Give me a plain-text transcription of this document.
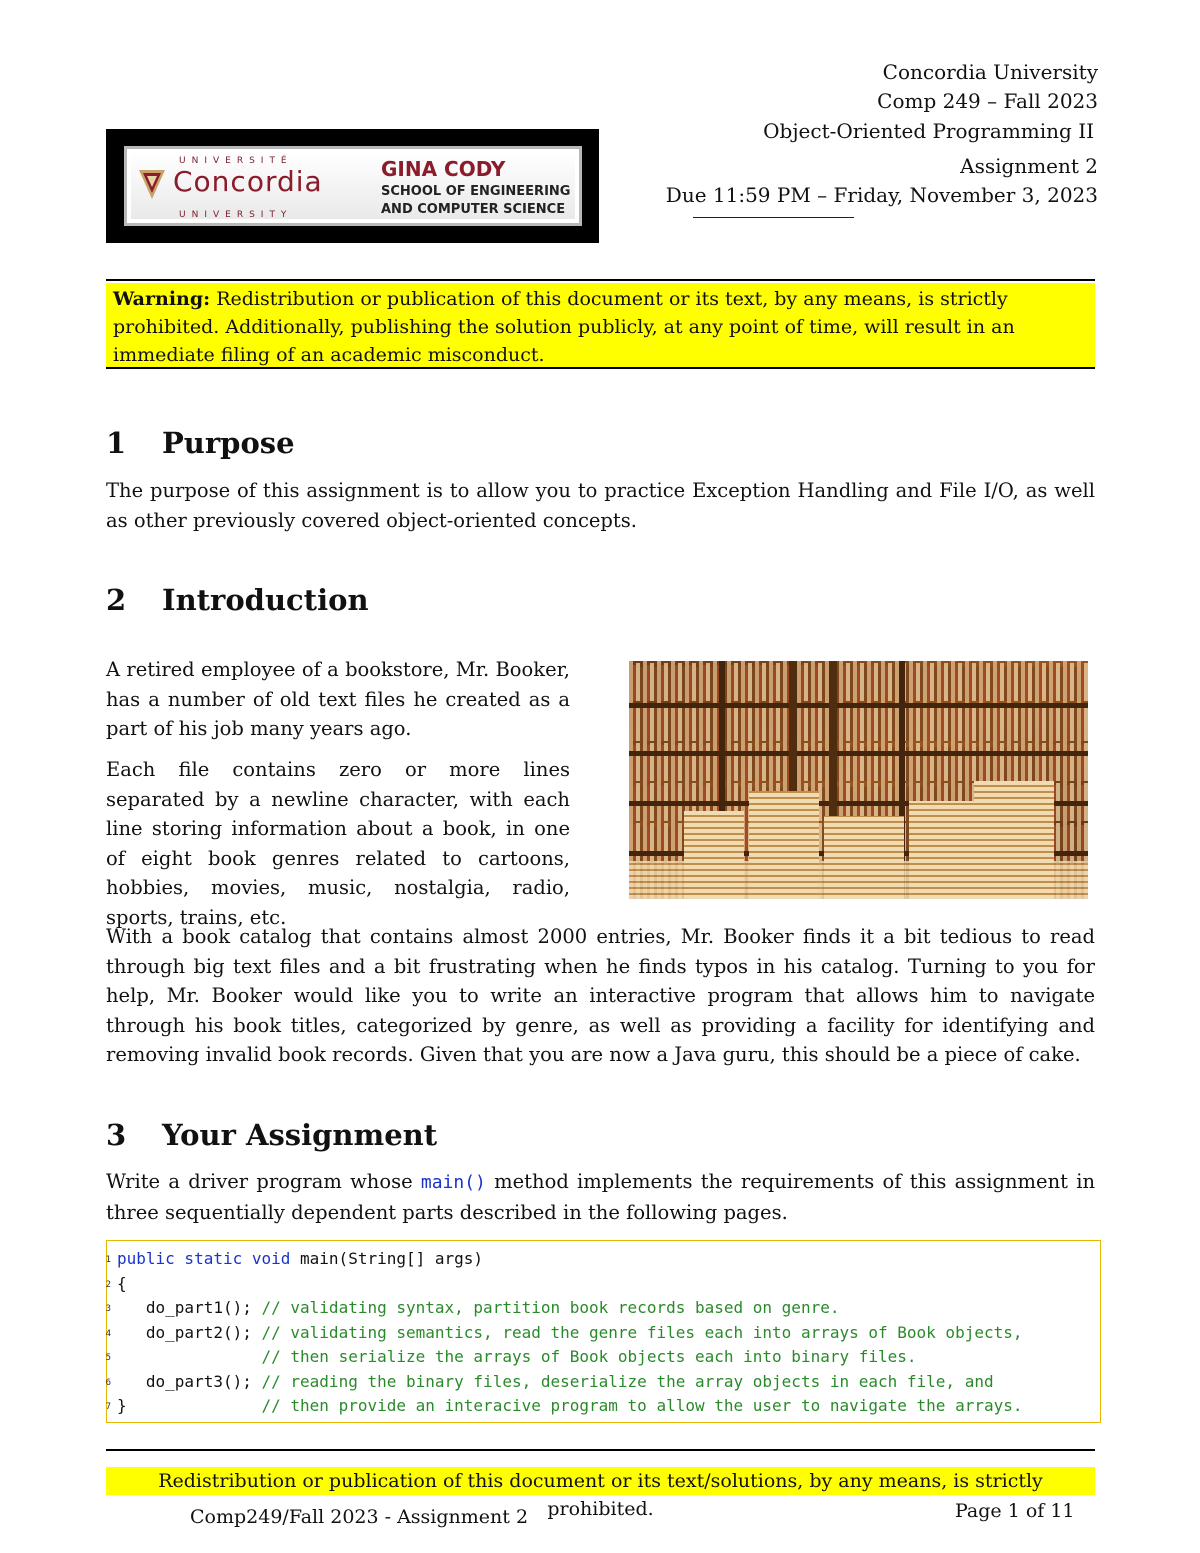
Concordia University
Comp 249 – Fall 2023
Object-Oriented Programming II
Assignment 2
Due 11:59 PM – Friday, November 3, 2023
UNIVERSITÉ
Concordia
UNIVERSITY
GINA CODY
SCHOOL OF ENGINEERING
AND COMPUTER SCIENCE
Warning: Redistribution or publication of this document or its text, by any means, is strictly prohibited. Additionally, publishing the solution publicly, at any point of time, will result in an immediate filing of an academic misconduct.
1 Purpose
The purpose of this assignment is to allow you to practice Exception Handling and File I/O, as well as other previously covered object-oriented concepts.
2 Introduction
A retired employee of a bookstore, Mr. Booker, has a number of old text files he created as a part of his job many years ago.
Each file contains zero or more lines separated by a newline character, with each line storing information about a book, in one of eight book genres related to cartoons, hobbies, movies, music, nostalgia, radio, sports, trains, etc.
With a book catalog that contains almost 2000 entries, Mr. Booker finds it a bit tedious to read through big text files and a bit frustrating when he finds typos in his catalog. Turning to you for help, Mr. Booker would like you to write an interactive program that allows him to navigate through his book titles, categorized by genre, as well as providing a facility for identifying and removing invalid book records. Given that you are now a Java guru, this should be a piece of cake.
3 Your Assignment
Write a driver program whose main() method implements the requirements of this assignment in three sequentially dependent parts described in the following pages.
1 public static void main(String[] args)
2 {
3 do_part1(); // validating syntax, partition book records based on genre.
4 do_part2(); // validating semantics, read the genre files each into arrays of Book objects,
5	// then serialize the arrays of Book objects each into binary files.
6 do_part3(); // reading the binary files, deserialize the array objects in each file, and
7 }              // then provide an interacive program to allow the user to navigate the arrays.
Redistribution or publication of this document or its text/solutions, by any means, is strictly prohibited.
Comp249/Fall 2023 - Assignment 2	Page 1 of 11
